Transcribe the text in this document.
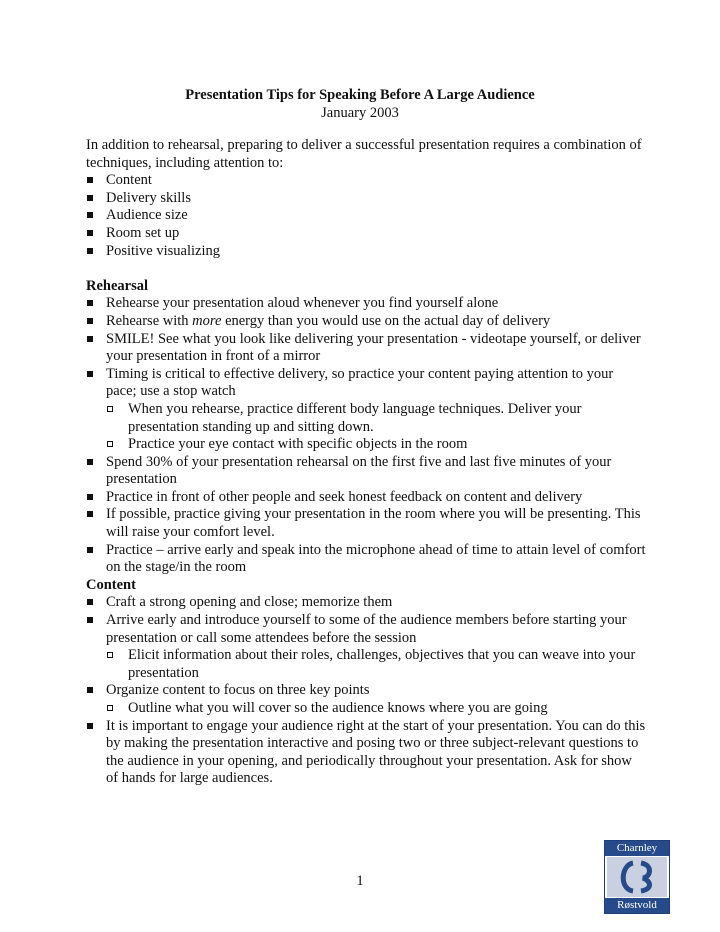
Presentation Tips for Speaking Before A Large Audience
January 2003

In addition to rehearsal, preparing to deliver a successful presentation requires a combination of techniques, including attention to:

Content
Delivery skills
Audience size
Room set up
Positive visualizing

Rehearsal

Rehearse your presentation aloud whenever you find yourself alone
Rehearse with more energy than you would use on the actual day of delivery
SMILE! See what you look like delivering your presentation - videotape yourself, or deliver your presentation in front of a mirror
Timing is critical to effective delivery, so practice your content paying attention to your pace; use a stop watch
When you rehearse, practice different body language techniques. Deliver your presentation standing up and sitting down.
Practice your eye contact with specific objects in the room
Spend 30% of your presentation rehearsal on the first five and last five minutes of your presentation
Practice in front of other people and seek honest feedback on content and delivery
If possible, practice giving your presentation in the room where you will be presenting. This will raise your comfort level.
Practice – arrive early and speak into the microphone ahead of time to attain level of comfort on the stage/in the room

Content

Craft a strong opening and close; memorize them
Arrive early and introduce yourself to some of the audience members before starting your presentation or call some attendees before the session
Elicit information about their roles, challenges, objectives that you can weave into your presentation
Organize content to focus on three key points
Outline what you will cover so the audience knows where you are going
It is important to engage your audience right at the start of your presentation. You can do this by making the presentation interactive and posing two or three subject-relevant questions to the audience in your opening, and periodically throughout your presentation. Ask for show of hands for large audiences.
1
Charnley
Røstvold
